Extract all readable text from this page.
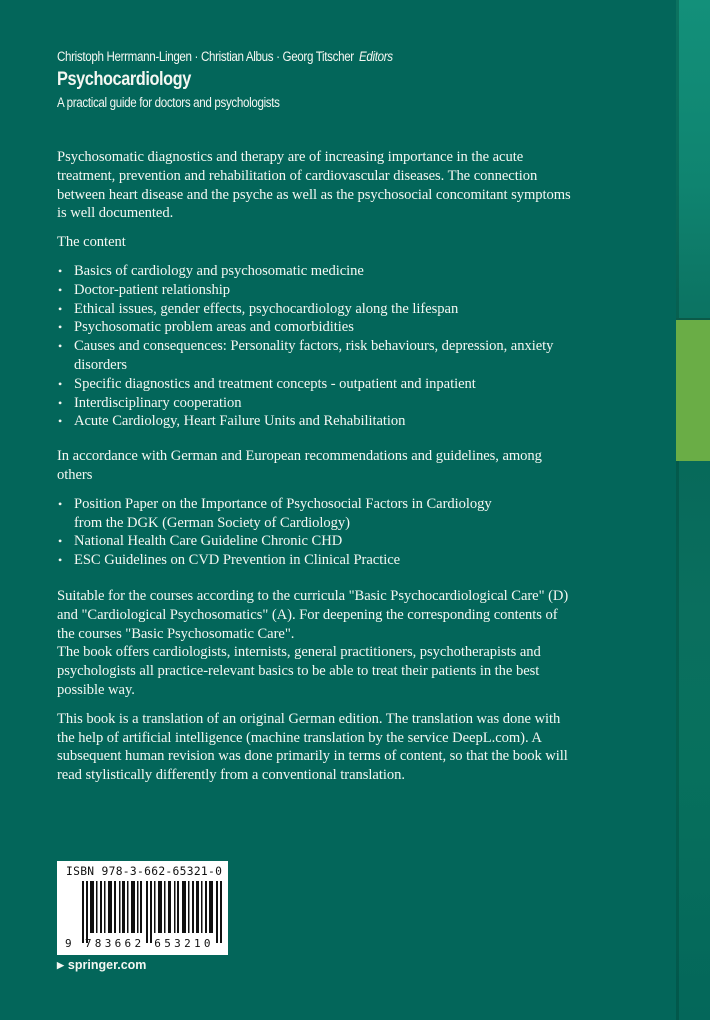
Christoph Herrmann-Lingen · Christian Albus · Georg Titscher Editors
Psychocardiology
A practical guide for doctors and psychologists

Psychosomatic diagnostics and therapy are of increasing importance in the acute treatment, prevention and rehabilitation of cardiovascular diseases. The connection between heart disease and the psyche as well as the psychosocial concomitant symptoms is well documented.

The content

• Basics of cardiology and psychosomatic medicine
• Doctor-patient relationship
• Ethical issues, gender effects, psychocardiology along the lifespan
• Psychosomatic problem areas and comorbidities
• Causes and consequences: Personality factors, risk behaviours, depression, anxiety disorders
• Specific diagnostics and treatment concepts - outpatient and inpatient
• Interdisciplinary cooperation
• Acute Cardiology, Heart Failure Units and Rehabilitation

In accordance with German and European recommendations and guidelines, among others

• Position Paper on the Importance of Psychosocial Factors in Cardiology from the DGK (German Society of Cardiology)
• National Health Care Guideline Chronic CHD
• ESC Guidelines on CVD Prevention in Clinical Practice

Suitable for the courses according to the curricula "Basic Psychocardiological Care" (D) and "Cardiological Psychosomatics" (A). For deepening the corresponding contents of the courses "Basic Psychosomatic Care".

The book offers cardiologists, internists, general practitioners, psychotherapists and psychologists all practice-relevant basics to be able to treat their patients in the best possible way.

This book is a translation of an original German edition. The translation was done with the help of artificial intelligence (machine translation by the service DeepL.com). A subsequent human revision was done primarily in terms of content, so that the book will read stylistically differently from a conventional translation.

ISBN 978-3-662-65321-0
9 783662 653210
▶ springer.com
